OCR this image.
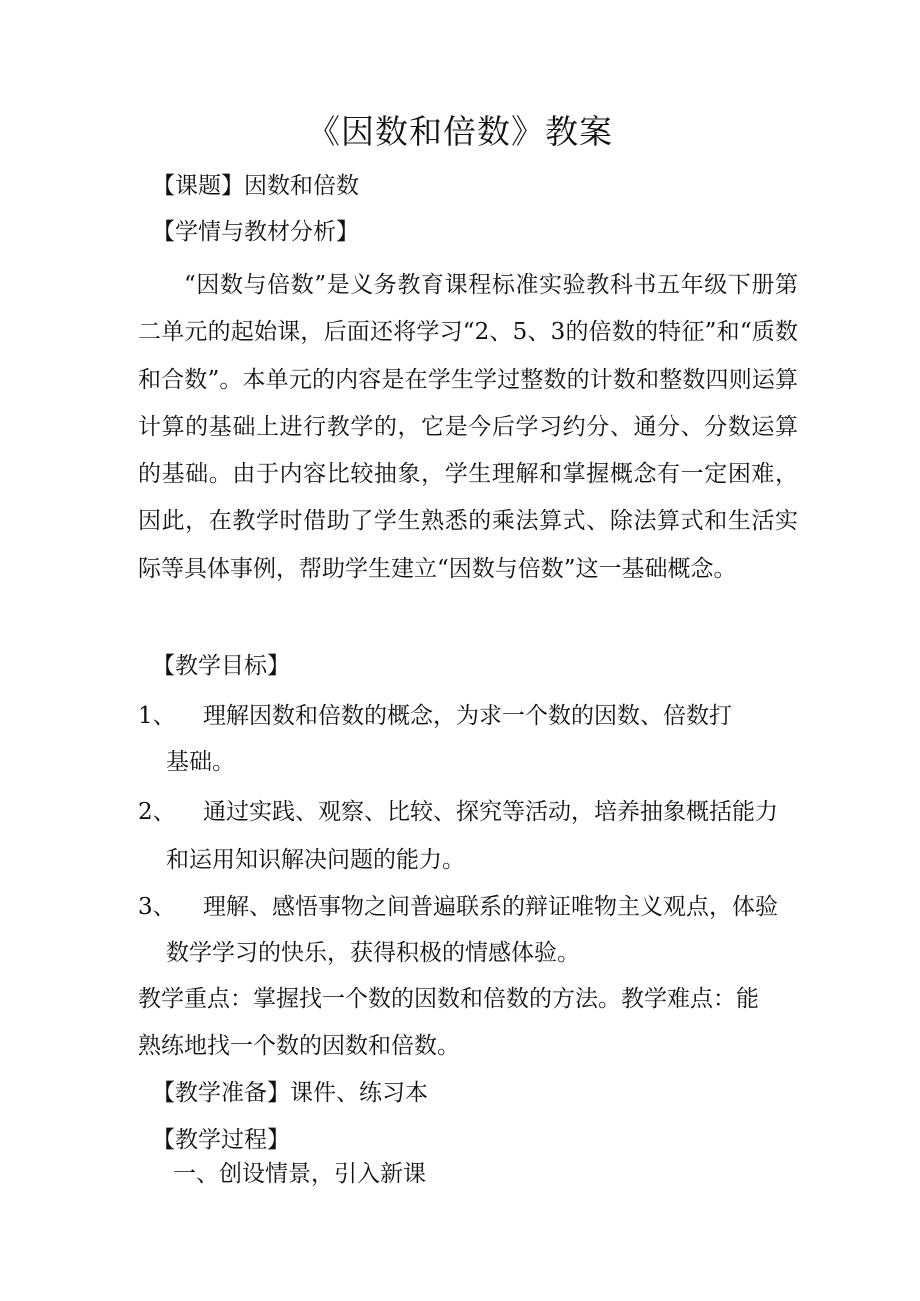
《因数和倍数》教案
【课题】因数和倍数
【学情与教材分析】
“因数与倍数”是义务教育课程标准实验教科书五年级下册第二单元的起始课，后面还将学习“2、5、3的倍数的特征”和“质数和合数”。本单元的内容是在学生学过整数的计数和整数四则运算计算的基础上进行教学的，它是今后学习约分、通分、分数运算的基础。由于内容比较抽象，学生理解和掌握概念有一定困难，因此，在教学时借助了学生熟悉的乘法算式、除法算式和生活实际等具体事例，帮助学生建立“因数与倍数”这一基础概念。
【教学目标】
1、 理解因数和倍数的概念，为求一个数的因数、倍数打
基础。
2、 通过实践、观察、比较、探究等活动，培养抽象概括能力
和运用知识解决问题的能力。
3、 理解、感悟事物之间普遍联系的辩证唯物主义观点，体验
数学学习的快乐，获得积极的情感体验。
教学重点：掌握找一个数的因数和倍数的方法。教学难点：能
熟练地找一个数的因数和倍数。
【教学准备】课件、练习本
【教学过程】
一、创设情景，引入新课
